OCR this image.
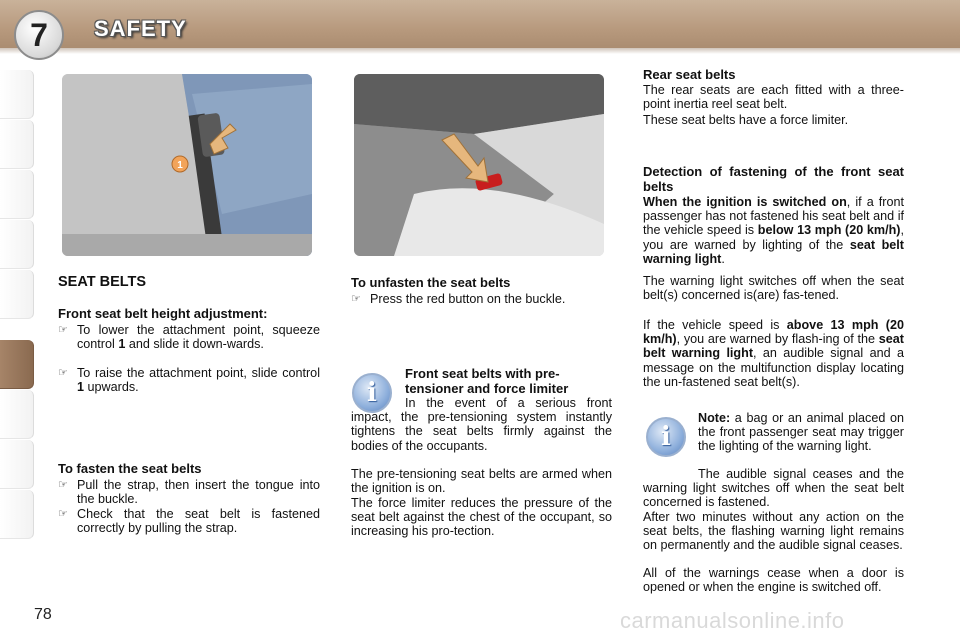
7	SAFETY
1
SEAT BELTS
Front seat belt height adjustment:
☞ To lower the attachment point, squeeze control 1 and slide it down-wards.
☞ To raise the attachment point, slide control 1 upwards.
To fasten the seat belts
☞ Pull the strap, then insert the tongue into the buckle.
☞ Check that the seat belt is fastened correctly by pulling the strap.
To unfasten the seat belts
☞ Press the red button on the buckle.
i
Front seat belts with pre-tensioner and force limiter
In the event of a serious front impact, the pre-tensioning system instantly tightens the seat belts firmly against the bodies of the occupants.
The pre-tensioning seat belts are armed when the ignition is on.
The force limiter reduces the pressure of the seat belt against the chest of the occupant, so increasing his pro-tection.
Rear seat belts
The rear seats are each fitted with a three-point inertia reel seat belt.
These seat belts have a force limiter.
Detection of fastening of the front seat belts
When the ignition is switched on, if a front passenger has not fastened his seat belt and if the vehicle speed is below 13 mph (20 km/h), you are warned by lighting of the seat belt warning light.
The warning light switches off when the seat belt(s) concerned is(are) fas-tened.
If the vehicle speed is above 13 mph (20 km/h), you are warned by flash-ing of the seat belt warning light, an audible signal and a message on the multifunction display locating the un-fastened seat belt(s).
i
Note: a bag or an animal placed on the front passenger seat may trigger the lighting of the warning light.
The audible signal ceases and the warning light switches off when the seat belt concerned is fastened.
After two minutes without any action on the seat belts, the flashing warning light remains on permanently and the audible signal ceases.
All of the warnings cease when a door is opened or when the engine is switched off.
78	carmanualsonline.info
